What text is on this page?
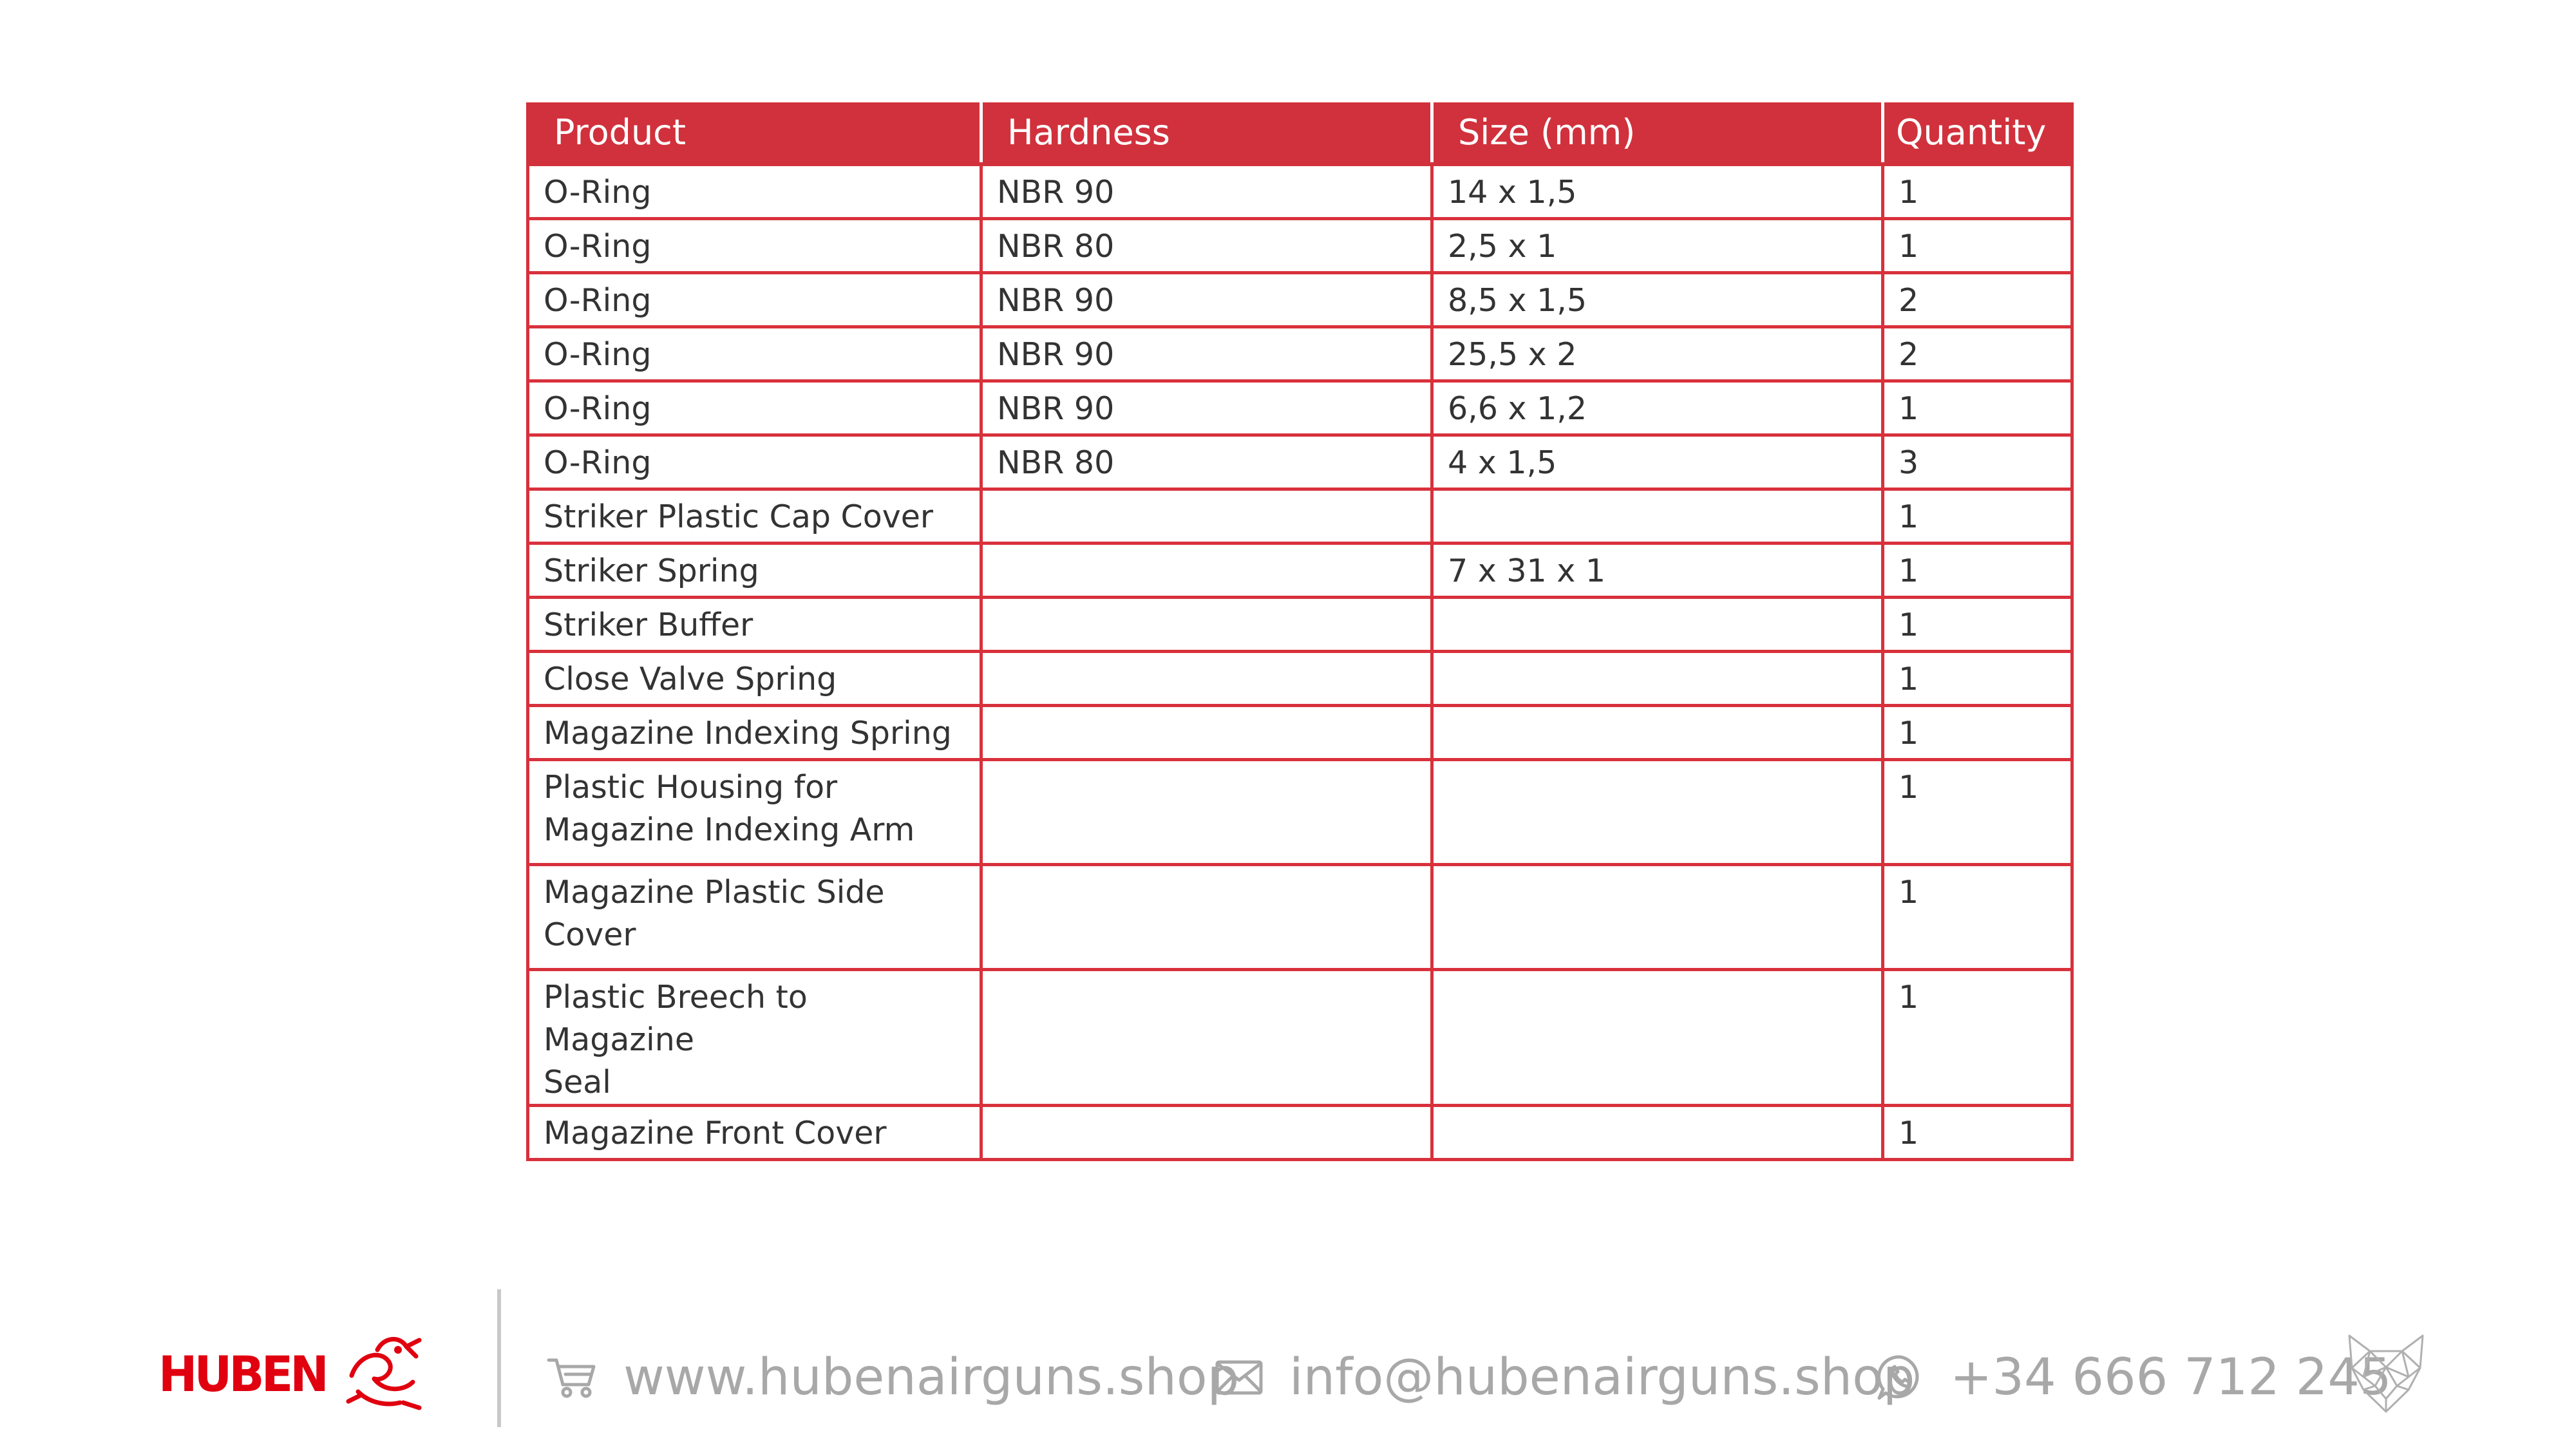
Product	Hardness	Size (mm)	Quantity
O-Ring	NBR 90	14 x 1,5	1
O-Ring	NBR 80	2,5 x 1	1
O-Ring	NBR 90	8,5 x 1,5	2
O-Ring	NBR 90	25,5 x 2	2
O-Ring	NBR 90	6,6 x 1,2	1
O-Ring	NBR 80	4 x 1,5	3
Striker Plastic Cap Cover			1
Striker Spring		7 x 31 x 1	1
Striker Buffer			1
Close Valve Spring			1
Magazine Indexing Spring			1
Plastic Housing for
Magazine Indexing Arm			1
Magazine Plastic Side
Cover			1
Plastic Breech to Magazine
Seal			1
Magazine Front Cover			1
HUBEN	www.hubenairguns.shop info@hubenairguns.shop +34 666 712 245
